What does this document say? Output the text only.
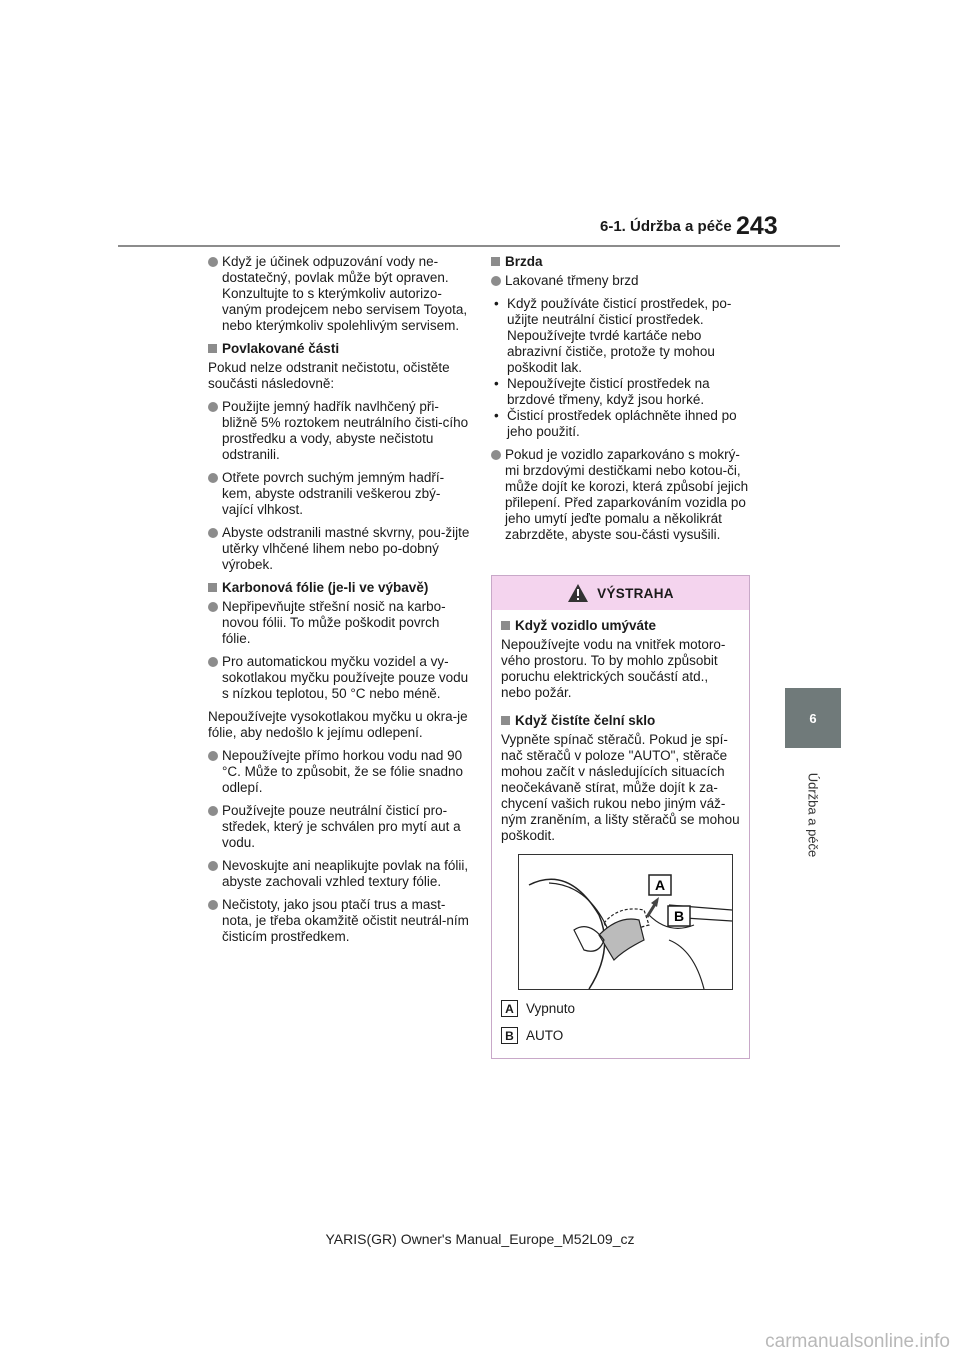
6-1. Údržba a péče 243
6
Údržba a péče
Když je účinek odpuzování vody ne-dostatečný, povlak může být opraven. Konzultujte to s kterýmkoliv autorizo-vaným prodejcem nebo servisem Toyota, nebo kterýmkoliv spolehlivým servisem.
Povlakované části
Pokud nelze odstranit nečistotu, očistěte součásti následovně:
Použijte jemný hadřík navlhčený při-bližně 5% roztokem neutrálního čisti-cího prostředku a vody, abyste nečistotu odstranili.
Otřete povrch suchým jemným hadří-kem, abyste odstranili veškerou zbý-vající vlhkost.
Abyste odstranili mastné skvrny, pou-žijte utěrky vlhčené lihem nebo po-dobný výrobek.
Karbonová fólie (je-li ve výbavě)
Nepřipevňujte střešní nosič na karbo-novou fólii. To může poškodit povrch fólie.
Pro automatickou myčku vozidel a vy-sokotlakou myčku používejte pouze vodu s nízkou teplotou, 50 °C nebo méně.
Nepoužívejte vysokotlakou myčku u okra-je fólie, aby nedošlo k jejímu odlepení.
Nepoužívejte přímo horkou vodu nad 90 °C. Může to způsobit, že se fólie snadno odlepí.
Používejte pouze neutrální čisticí pro-středek, který je schválen pro mytí aut a vodu.
Nevoskujte ani neaplikujte povlak na fólii, abyste zachovali vzhled textury fólie.
Nečistoty, jako jsou ptačí trus a mast-nota, je třeba okamžitě očistit neutrál-ním čisticím prostředkem.
Brzda
Lakované třmeny brzd
• Když používáte čisticí prostředek, po-užijte neutrální čisticí prostředek. Nepoužívejte tvrdé kartáče nebo abrazivní čističe, protože ty mohou poškodit lak.
• Nepoužívejte čisticí prostředek na brzdové třmeny, když jsou horké.
• Čisticí prostředek opláchněte ihned po jeho použití.
Pokud je vozidlo zaparkováno s mokrý-mi brzdovými destičkami nebo kotou-či, může dojít ke korozi, která způsobí jejich přilepení. Před zaparkováním vozidla po jeho umytí jeďte pomalu a několikrát zabrzděte, abyste sou-části vysušili.
VÝSTRAHA
Když vozidlo umýváte
Nepoužívejte vodu na vnitřek motoro-vého prostoru. To by mohlo způsobit poruchu elektrických součástí atd., nebo požár.
Když čistíte čelní sklo
Vypněte spínač stěračů. Pokud je spí-nač stěračů v poloze "AUTO", stěrače mohou začít v následujících situacích neočekávaně stírat, může dojít k za-chycení vašich rukou nebo jiným váž-ným zraněním, a lišty stěračů se mohou poškodit.
A
B
A Vypnuto
B AUTO
YARIS(GR) Owner's Manual_Europe_M52L09_cz
carmanualsonline.info
